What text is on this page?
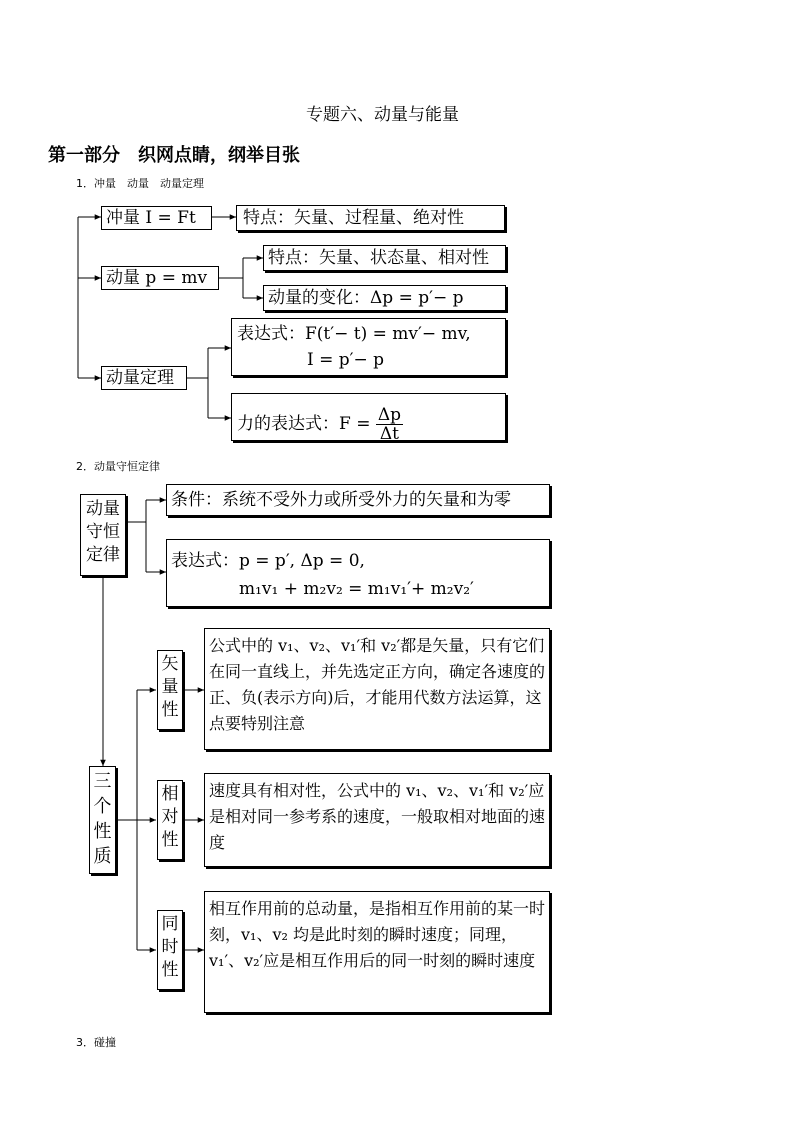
专题六、动量与能量
第一部分　织网点睛，纲举目张
1．冲量　动量　动量定理
冲量 I = Ft	特点：矢量、过程量、绝对性
动量 p = mv
特点：矢量、状态量、相对性
动量的变化：Δp = p′− p
动量定理
表达式：F(t′− t) = mv′− mv,
I = p′− p
力的表达式：$F = \frac{\Delta p}{\Delta t}$
2．动量守恒定律
动量守恒定律
条件：系统不受外力或所受外力的矢量和为零
表达式：p = p′, Δp = 0,
m₁v₁ + m₂v₂ = m₁v₁′+ m₂v₂′
三个性质
矢量性
公式中的 v₁、v₂、v₁′和 v₂′都是矢量，只有它们在同一直线上，并先选定正方向，确定各速度的正、负(表示方向)后，才能用代数方法运算，这点要特别注意
相对性
速度具有相对性，公式中的 v₁、v₂、v₁′和 v₂′应是相对同一参考系的速度，一般取相对地面的速度
同时性
相互作用前的总动量，是指相互作用前的某一时刻，v₁、v₂ 均是此时刻的瞬时速度；同理，v₁′、v₂′应是相互作用后的同一时刻的瞬时速度
3．碰撞
